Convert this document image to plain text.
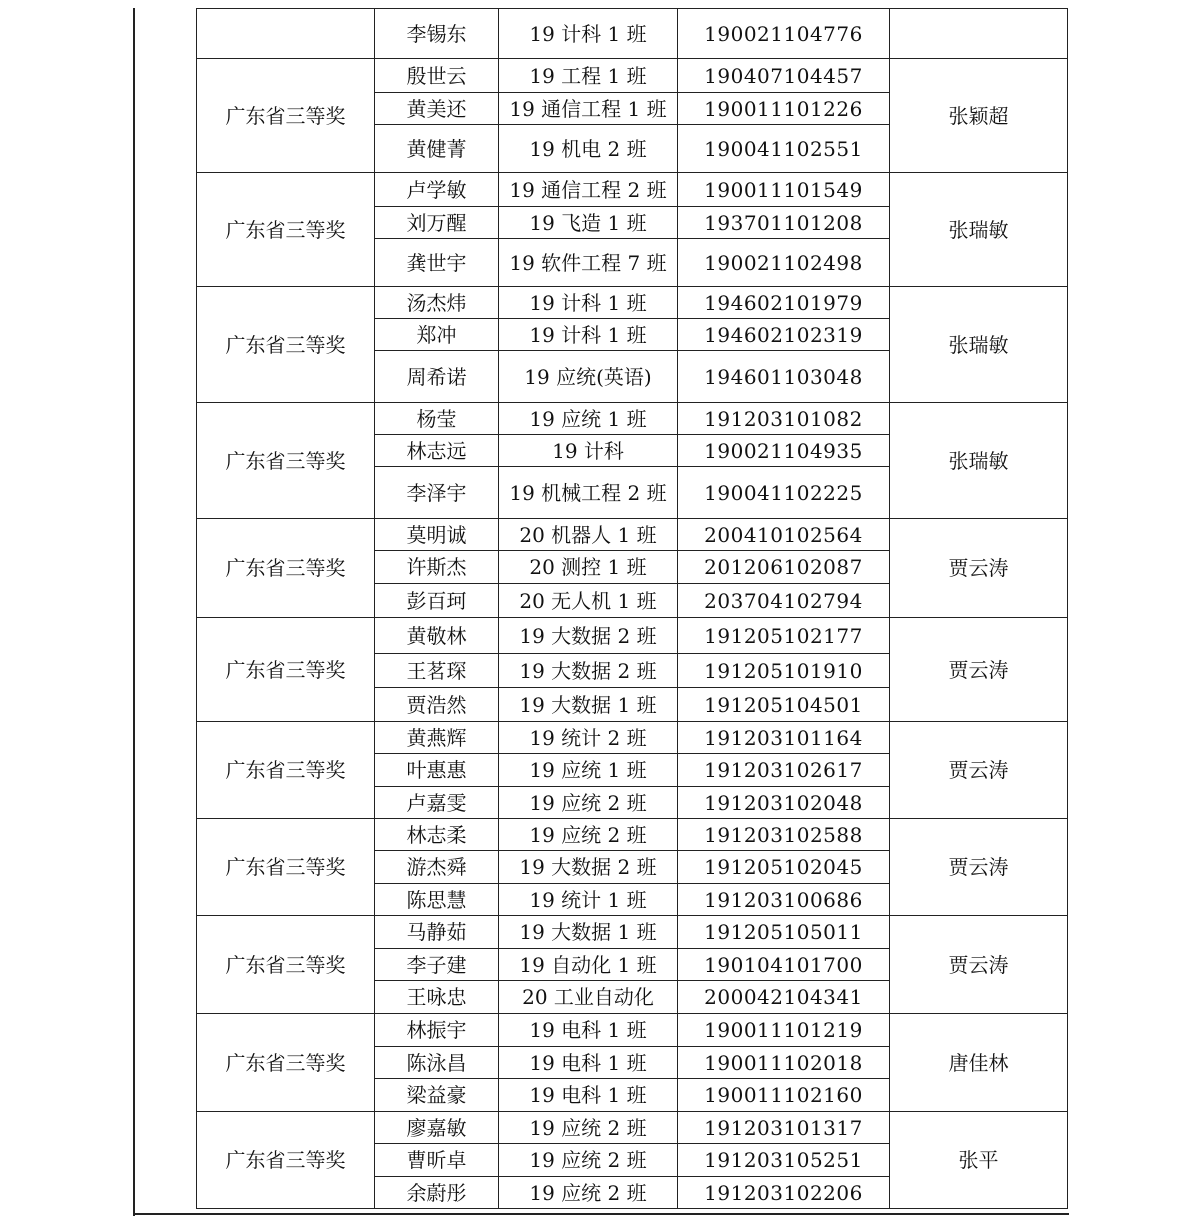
	李锡东	19 计科 1 班	190021104776	
广东省三等奖	殷世云	19 工程 1 班	190407104457	张颖超
	黄美还	19 通信工程 1 班	190011101226	
	黄健菁	19 机电 2 班	190041102551	
广东省三等奖	卢学敏	19 通信工程 2 班	190011101549	张瑞敏
	刘万醒	19 飞造 1 班	193701101208	
	龚世宇	19 软件工程 7 班	190021102498	
广东省三等奖	汤杰炜	19 计科 1 班	194602101979	张瑞敏
	郑冲	19 计科 1 班	194602102319	
	周希诺	19 应统(英语)	194601103048	
广东省三等奖	杨莹	19 应统 1 班	191203101082	张瑞敏
	林志远	19 计科	190021104935	
	李泽宇	19 机械工程 2 班	190041102225	
广东省三等奖	莫明诚	20 机器人 1 班	200410102564	贾云涛
	许斯杰	20 测控 1 班	201206102087	
	彭百珂	20 无人机 1 班	203704102794	
广东省三等奖	黄敬林	19 大数据 2 班	191205102177	贾云涛
	王茗琛	19 大数据 2 班	191205101910	
	贾浩然	19 大数据 1 班	191205104501	
广东省三等奖	黄燕辉	19 统计 2 班	191203101164	贾云涛
	叶惠惠	19 应统 1 班	191203102617	
	卢嘉雯	19 应统 2 班	191203102048	
广东省三等奖	林志柔	19 应统 2 班	191203102588	贾云涛
	游杰舜	19 大数据 2 班	191205102045	
	陈思慧	19 统计 1 班	191203100686	
广东省三等奖	马静茹	19 大数据 1 班	191205105011	贾云涛
	李子建	19 自动化 1 班	190104101700	
	王咏忠	20 工业自动化	200042104341	
广东省三等奖	林振宇	19 电科 1 班	190011101219	唐佳林
	陈泳昌	19 电科 1 班	190011102018	
	梁益豪	19 电科 1 班	190011102160	
广东省三等奖	廖嘉敏	19 应统 2 班	191203101317	张平
	曹昕卓	19 应统 2 班	191203105251	
	余蔚彤	19 应统 2 班	191203102206	
